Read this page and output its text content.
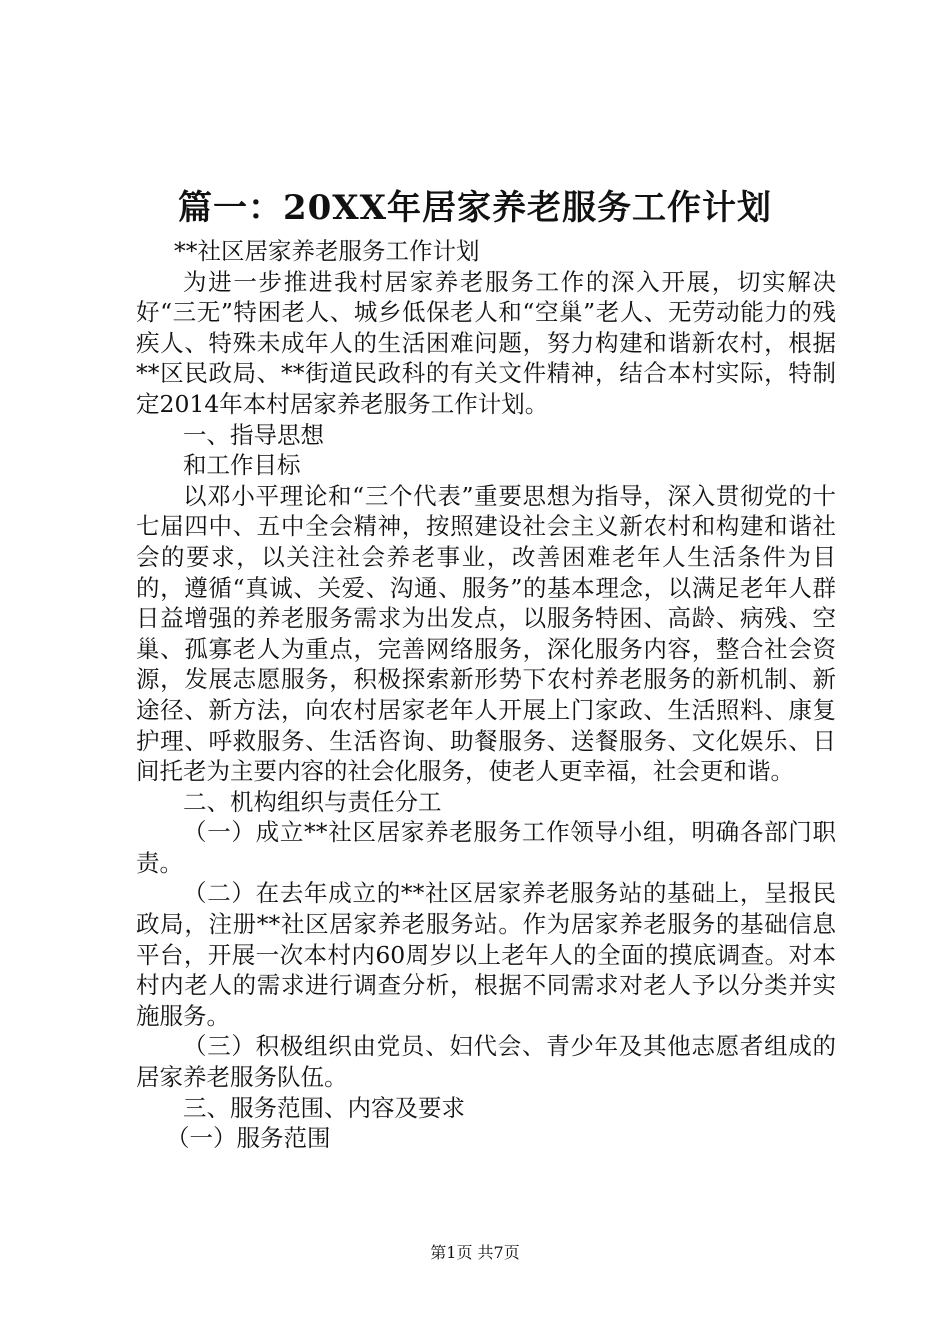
篇一：20XX年居家养老服务工作计划

**社区居家养老服务工作计划

为进一步推进我村居家养老服务工作的深入开展，切实解决好“三无”特困老人、城乡低保老人和“空巢”老人、无劳动能力的残疾人、特殊未成年人的生活困难问题，努力构建和谐新农村，根据**区民政局、**街道民政科的有关文件精神，结合本村实际，特制定2014年本村居家养老服务工作计划。

一、指导思想

和工作目标

以邓小平理论和“三个代表”重要思想为指导，深入贯彻党的十七届四中、五中全会精神，按照建设社会主义新农村和构建和谐社会的要求，以关注社会养老事业，改善困难老年人生活条件为目的，遵循“真诚、关爱、沟通、服务”的基本理念，以满足老年人群日益增强的养老服务需求为出发点，以服务特困、高龄、病残、空巢、孤寡老人为重点，完善网络服务，深化服务内容，整合社会资源，发展志愿服务，积极探索新形势下农村养老服务的新机制、新途径、新方法，向农村居家老年人开展上门家政、生活照料、康复护理、呼救服务、生活咨询、助餐服务、送餐服务、文化娱乐、日间托老为主要内容的社会化服务，使老人更幸福，社会更和谐。

二、机构组织与责任分工

（一）成立**社区居家养老服务工作领导小组，明确各部门职责。

（二）在去年成立的**社区居家养老服务站的基础上，呈报民政局，注册**社区居家养老服务站。作为居家养老服务的基础信息平台，开展一次本村内60周岁以上老年人的全面的摸底调查。对本村内老人的需求进行调查分析，根据不同需求对老人予以分类并实施服务。

（三）积极组织由党员、妇代会、青少年及其他志愿者组成的居家养老服务队伍。

三、服务范围、内容及要求

（一）服务范围

第1页 共7页
